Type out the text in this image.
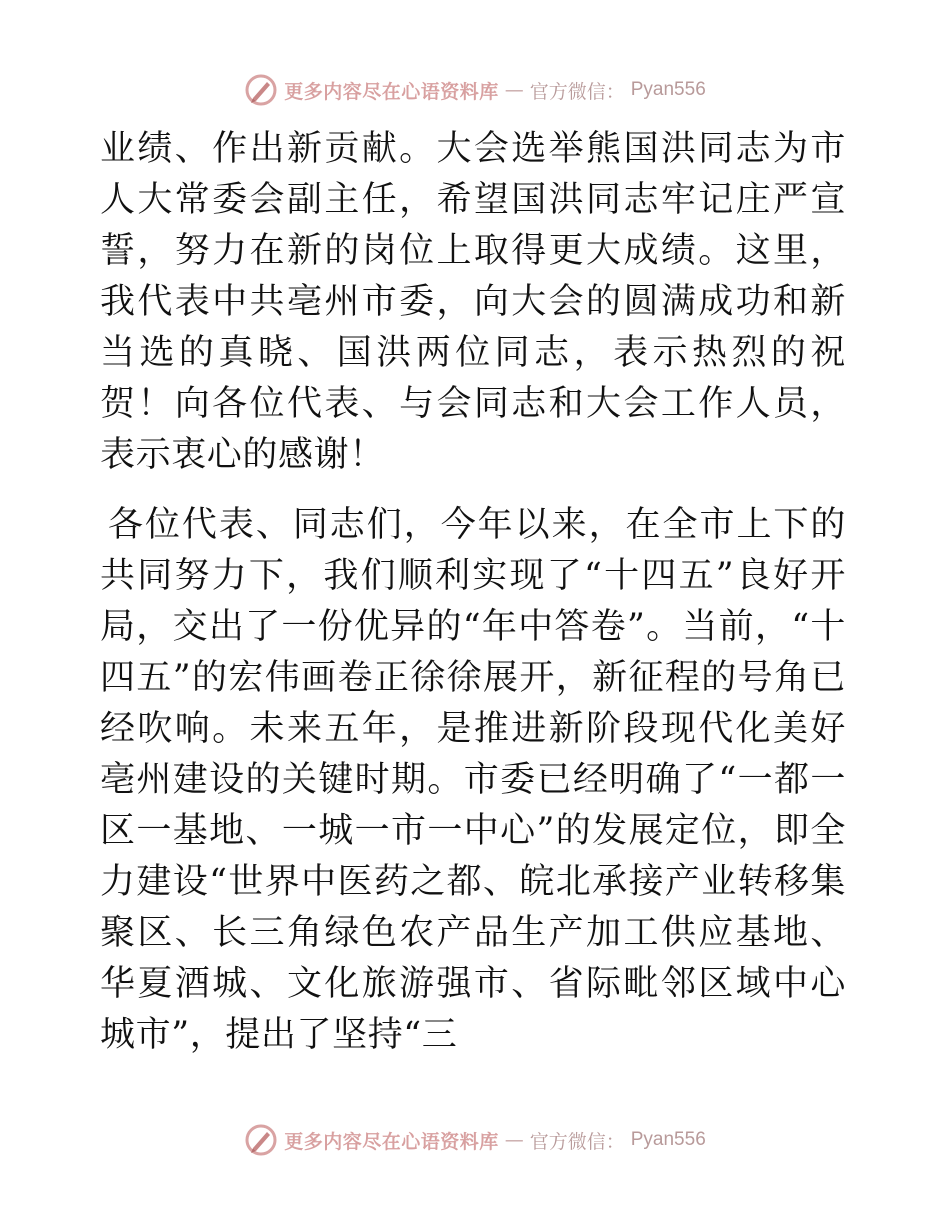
更多内容尽在心语资料库 — 官方微信： Pyan556

业绩、作出新贡献。大会选举熊国洪同志为市人大常委会副主任，希望国洪同志牢记庄严宣誓，努力在新的岗位上取得更大成绩。这里，我代表中共亳州市委，向大会的圆满成功和新当选的真晓、国洪两位同志，表示热烈的祝贺！向各位代表、与会同志和大会工作人员，表示衷心的感谢！

各位代表、同志们，今年以来，在全市上下的共同努力下，我们顺利实现了“十四五”良好开局，交出了一份优异的“年中答卷”。当前，“十四五”的宏伟画卷正徐徐展开，新征程的号角已经吹响。未来五年，是推进新阶段现代化美好亳州建设的关键时期。市委已经明确了“一都一区一基地、一城一市一中心”的发展定位，即全力建设“世界中医药之都、皖北承接产业转移集聚区、长三角绿色农产品生产加工供应基地、华夏酒城、文化旅游强市、省际毗邻区域中心城市”，提出了坚持“三

更多内容尽在心语资料库 — 官方微信： Pyan556
